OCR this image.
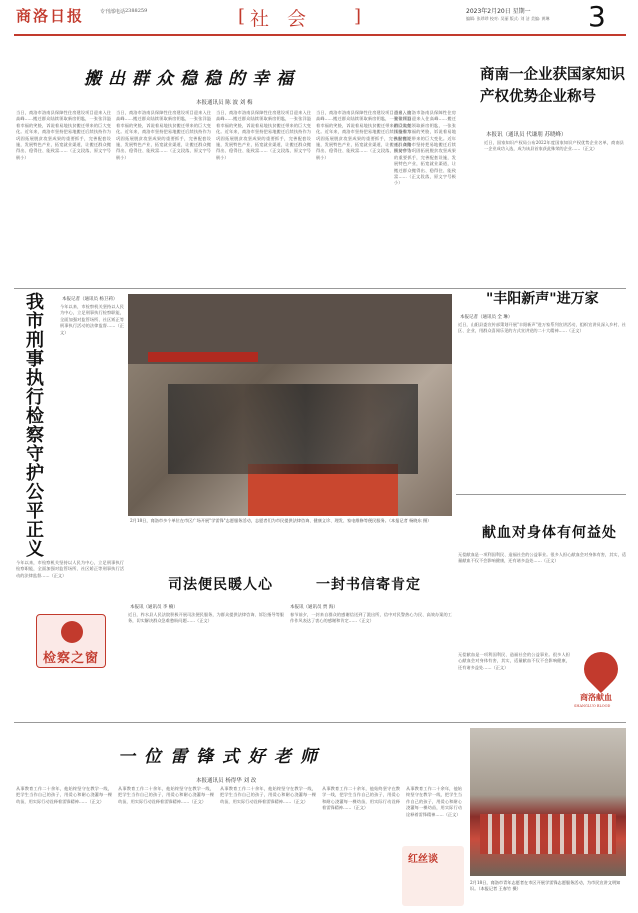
商洛日报	专刊部电话 2388259	社 会
[	]	2023年2月20日 星期一
编辑: 张珍珍 校对: 吴丽 版式: 刘 洁 美编: 黄琳 3
搬出群众稳稳的幸福
本报通讯员 陈 波 刘 梅
当日，商洛市洛南县保障性住房建设项目迎来入住高峰……搬迁群众陆续领取新房钥匙，一张张洋溢着幸福的笑脸，诉说着易地扶贫搬迁带来的巨大变化。近年来，商洛市坚持把易地搬迁后续扶持作为巩固拓展脱贫攻坚成果的重要抓手，完善配套设施，发展特色产业，拓宽就业渠道，让搬迁群众搬得出、稳得住、能致富……（正文段落，原文字号极小）
当日，商洛市洛南县保障性住房建设项目迎来入住高峰……搬迁群众陆续领取新房钥匙，一张张洋溢着幸福的笑脸，诉说着易地扶贫搬迁带来的巨大变化。近年来，商洛市坚持把易地搬迁后续扶持作为巩固拓展脱贫攻坚成果的重要抓手，完善配套设施，发展特色产业，拓宽就业渠道，让搬迁群众搬得出、稳得住、能致富……（正文段落，原文字号极小）
当日，商洛市洛南县保障性住房建设项目迎来入住高峰……搬迁群众陆续领取新房钥匙，一张张洋溢着幸福的笑脸，诉说着易地扶贫搬迁带来的巨大变化。近年来，商洛市坚持把易地搬迁后续扶持作为巩固拓展脱贫攻坚成果的重要抓手，完善配套设施，发展特色产业，拓宽就业渠道，让搬迁群众搬得出、稳得住、能致富……（正文段落，原文字号极小）
当日，商洛市洛南县保障性住房建设项目迎来入住高峰……搬迁群众陆续领取新房钥匙，一张张洋溢着幸福的笑脸，诉说着易地扶贫搬迁带来的巨大变化。近年来，商洛市坚持把易地搬迁后续扶持作为巩固拓展脱贫攻坚成果的重要抓手，完善配套设施，发展特色产业，拓宽就业渠道，让搬迁群众搬得出、稳得住、能致富……（正文段落，原文字号极小）
当日，商洛市洛南县保障性住房建设项目迎来入住高峰……搬迁群众陆续领取新房钥匙，一张张洋溢着幸福的笑脸，诉说着易地扶贫搬迁带来的巨大变化。近年来，商洛市坚持把易地搬迁后续扶持作为巩固拓展脱贫攻坚成果的重要抓手，完善配套设施，发展特色产业，拓宽就业渠道，让搬迁群众搬得出、稳得住、能致富……（正文段落，原文字号极小）
商南一企业获国家知识产权优势企业称号
本报讯（通讯员 代谦朋 苏晓峰）
近日，国家知识产权局公布2022年度国家知识产权优势企业名单，商南县一企业成功入选，成为该县首家获此殊荣的企业……（正文）
我市刑事执行检察守护公平正义	本报记者（通讯员 杨卫莉）
今年以来，市检察机关坚持以人民为中心，立足刑事执行检察职能，全面加强对监管场所、社区矫正等刑事执行活动的法律监督……（正文）
今年以来，市检察机关坚持以人民为中心，立足刑事执行检察职能，全面加强对监管场所、社区矫正等刑事执行活动的法律监督……（正文）
检察之窗
2月18日，商洛市多个单位在市区广场开展"学雷锋"志愿服务活动，志愿者们为市民提供法律咨询、健康义诊、理发、家电维修等便民服务。（本报记者 杨晓东 摄）
"丰阳新声"进万家
本报记者（通讯员 全 琳）
近日，山阳县委宣传部策划开展"丰阳新声"进万家系列宣讲活动，组织宣讲员深入乡村、社区、企业，用群众喜闻乐见的方式宣讲党的二十大精神……（正文）
献血对身体有何益处
无偿献血是一项利国利民、造福社会的公益事业。很多人担心献血会对身体有害，其实，适量献血不仅不会影响健康，还有诸多益处……（正文）
无偿献血是一项利国利民、造福社会的公益事业。很多人担心献血会对身体有害，其实，适量献血不仅不会影响健康，还有诸多益处……（正文）
商洛献血
SHANGLUO BLOOD
司法便民暖人心
本报讯（通讯员 李 楠）
近日，柞水县人民法院积极开展司法便民服务，为群众提供法律咨询、诉讼指导等服务，切实解决群众急难愁盼问题……（正文）
一封书信寄肯定
本报讯（通讯员 贾 海）
春节前夕，一封来自群众的感谢信送到了派出所，信中对民警热心为民、高效办案的工作作风表达了衷心的感谢和肯定……（正文）
一位雷锋式好老师
本报通讯员 杨得华 刘 改
从事教育工作二十余年，他始终坚守在教学一线，把学生当作自己的孩子，用爱心和耐心浇灌每一棵幼苗，用实际行动诠释着雷锋精神……（正文）
从事教育工作二十余年，他始终坚守在教学一线，把学生当作自己的孩子，用爱心和耐心浇灌每一棵幼苗，用实际行动诠释着雷锋精神……（正文）
从事教育工作二十余年，他始终坚守在教学一线，把学生当作自己的孩子，用爱心和耐心浇灌每一棵幼苗，用实际行动诠释着雷锋精神……（正文）
从事教育工作二十余年，他始终坚守在教学一线，把学生当作自己的孩子，用爱心和耐心浇灌每一棵幼苗，用实际行动诠释着雷锋精神……（正文）
从事教育工作二十余年，他始终坚守在教学一线，把学生当作自己的孩子，用爱心和耐心浇灌每一棵幼苗，用实际行动诠释着雷锋精神……（正文）
红丝谈
2月18日，商洛市青年志愿者在市区开展学雷锋志愿服务活动，为市民宣讲文明知识。（本报记者 王春竹 摄）
